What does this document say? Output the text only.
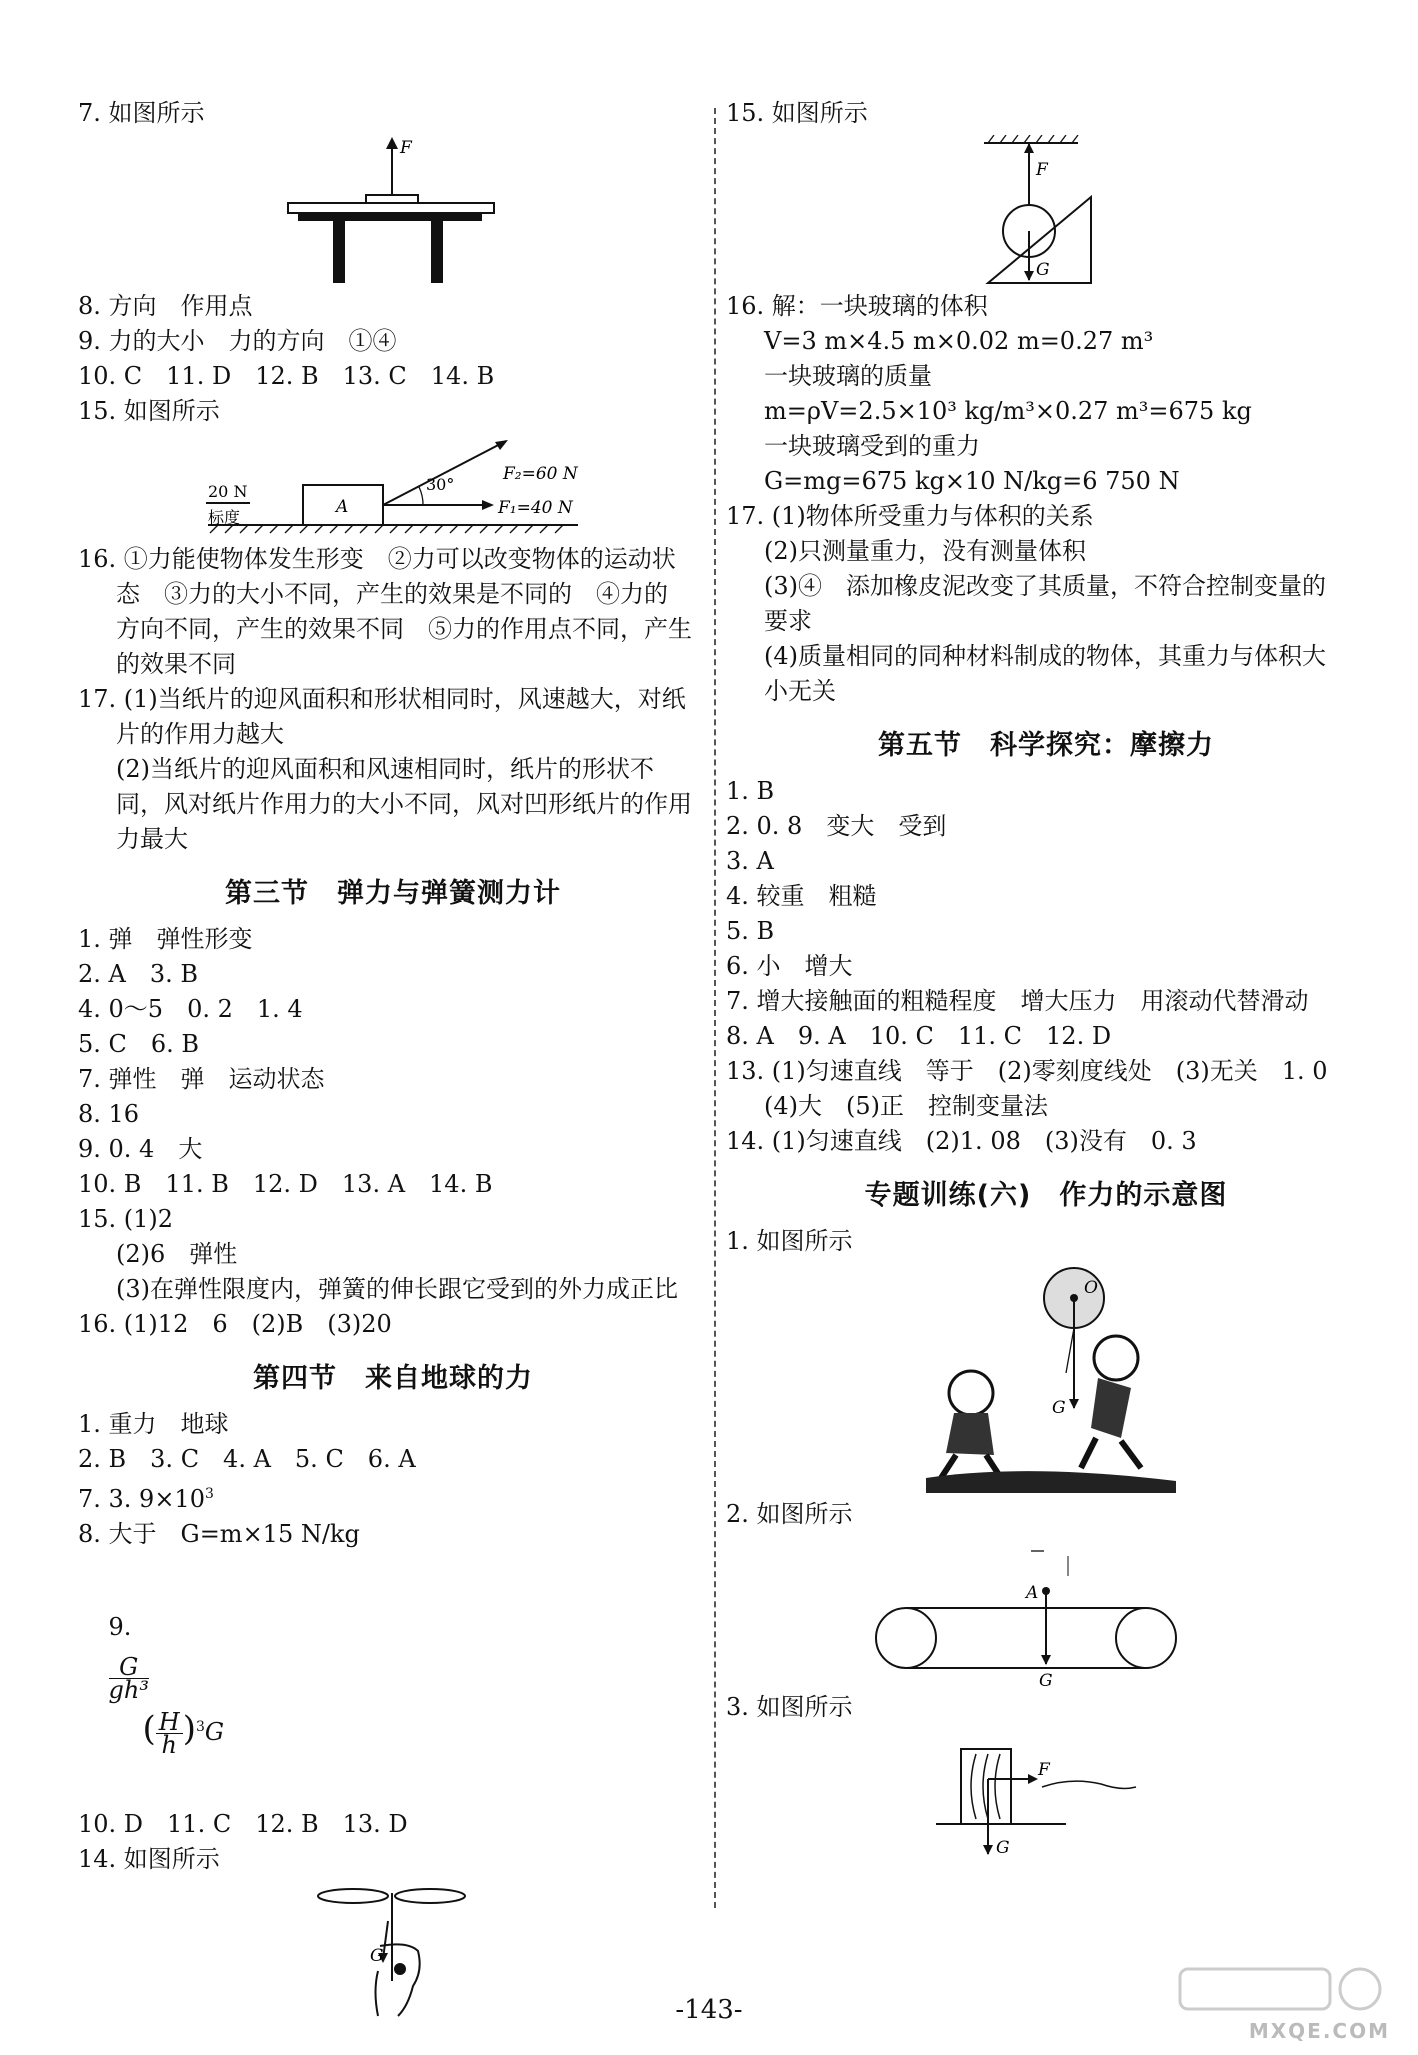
7. 如图所示
F
8. 方向　作用点
9. 力的大小　力的方向　①④
10. C　11. D　12. B　13. C　14. B
15. 如图所示
A
30°
F₂=60 N
F₁=40 N
20 N
标度
16. ①力能使物体发生形变　②力可以改变物体的运动状
态　③力的大小不同，产生的效果是不同的　④力的
方向不同，产生的效果不同　⑤力的作用点不同，产生
的效果不同
17. (1)当纸片的迎风面积和形状相同时，风速越大，对纸
片的作用力越大
(2)当纸片的迎风面积和风速相同时，纸片的形状不
同，风对纸片作用力的大小不同，风对凹形纸片的作用
力最大
第三节　弹力与弹簧测力计
1. 弹　弹性形变
2. A　3. B
4. 0～5　0. 2　1. 4
5. C　6. B
7. 弹性　弹　运动状态
8. 16
9. 0. 4　大
10. B　11. B　12. D　13. A　14. B
15. (1)2
(2)6　弹性
(3)在弹性限度内，弹簧的伸长跟它受到的外力成正比
16. (1)12　6　(2)B　(3)20
第四节　来自地球的力
1. 重力　地球
2. B　3. C　4. A　5. C　6. A
7. 3. $9\times 10^3$
8. 大于　G=m×15 N/kg

9.

$\frac{G}{\text{gh³}}$

　( $\frac{H}{h} )^3G$

10. D　11. C　12. B　13. D
14. 如图所示
G
15. 如图所示
F
G
16. 解：一块玻璃的体积
V=3 m×4.5 m×0.02 m=0.27 m³
一块玻璃的质量
m=ρV=2.5×10³ kg/m³×0.27 m³=675 kg
一块玻璃受到的重力
G=mg=675 kg×10 N/kg=6 750 N
17. (1)物体所受重力与体积的关系
(2)只测量重力，没有测量体积
(3)④　添加橡皮泥改变了其质量，不符合控制变量的
要求
(4)质量相同的同种材料制成的物体，其重力与体积大
小无关
第五节　科学探究：摩擦力
1. B
2. 0. 8　变大　受到
3. A
4. 较重　粗糙
5. B
6. 小　增大
7. 增大接触面的粗糙程度　增大压力　用滚动代替滑动
8. A　9. A　10. C　11. C　12. D
13. (1)匀速直线　等于　(2)零刻度线处　(3)无关　1. 0
(4)大　(5)正　控制变量法
14. (1)匀速直线　(2)1. 08　(3)没有　0. 3
专题训练(六)　作力的示意图
1. 如图所示
O
G
2. 如图所示
A
G
3. 如图所示
F
G
-143-
MXQE.COM
